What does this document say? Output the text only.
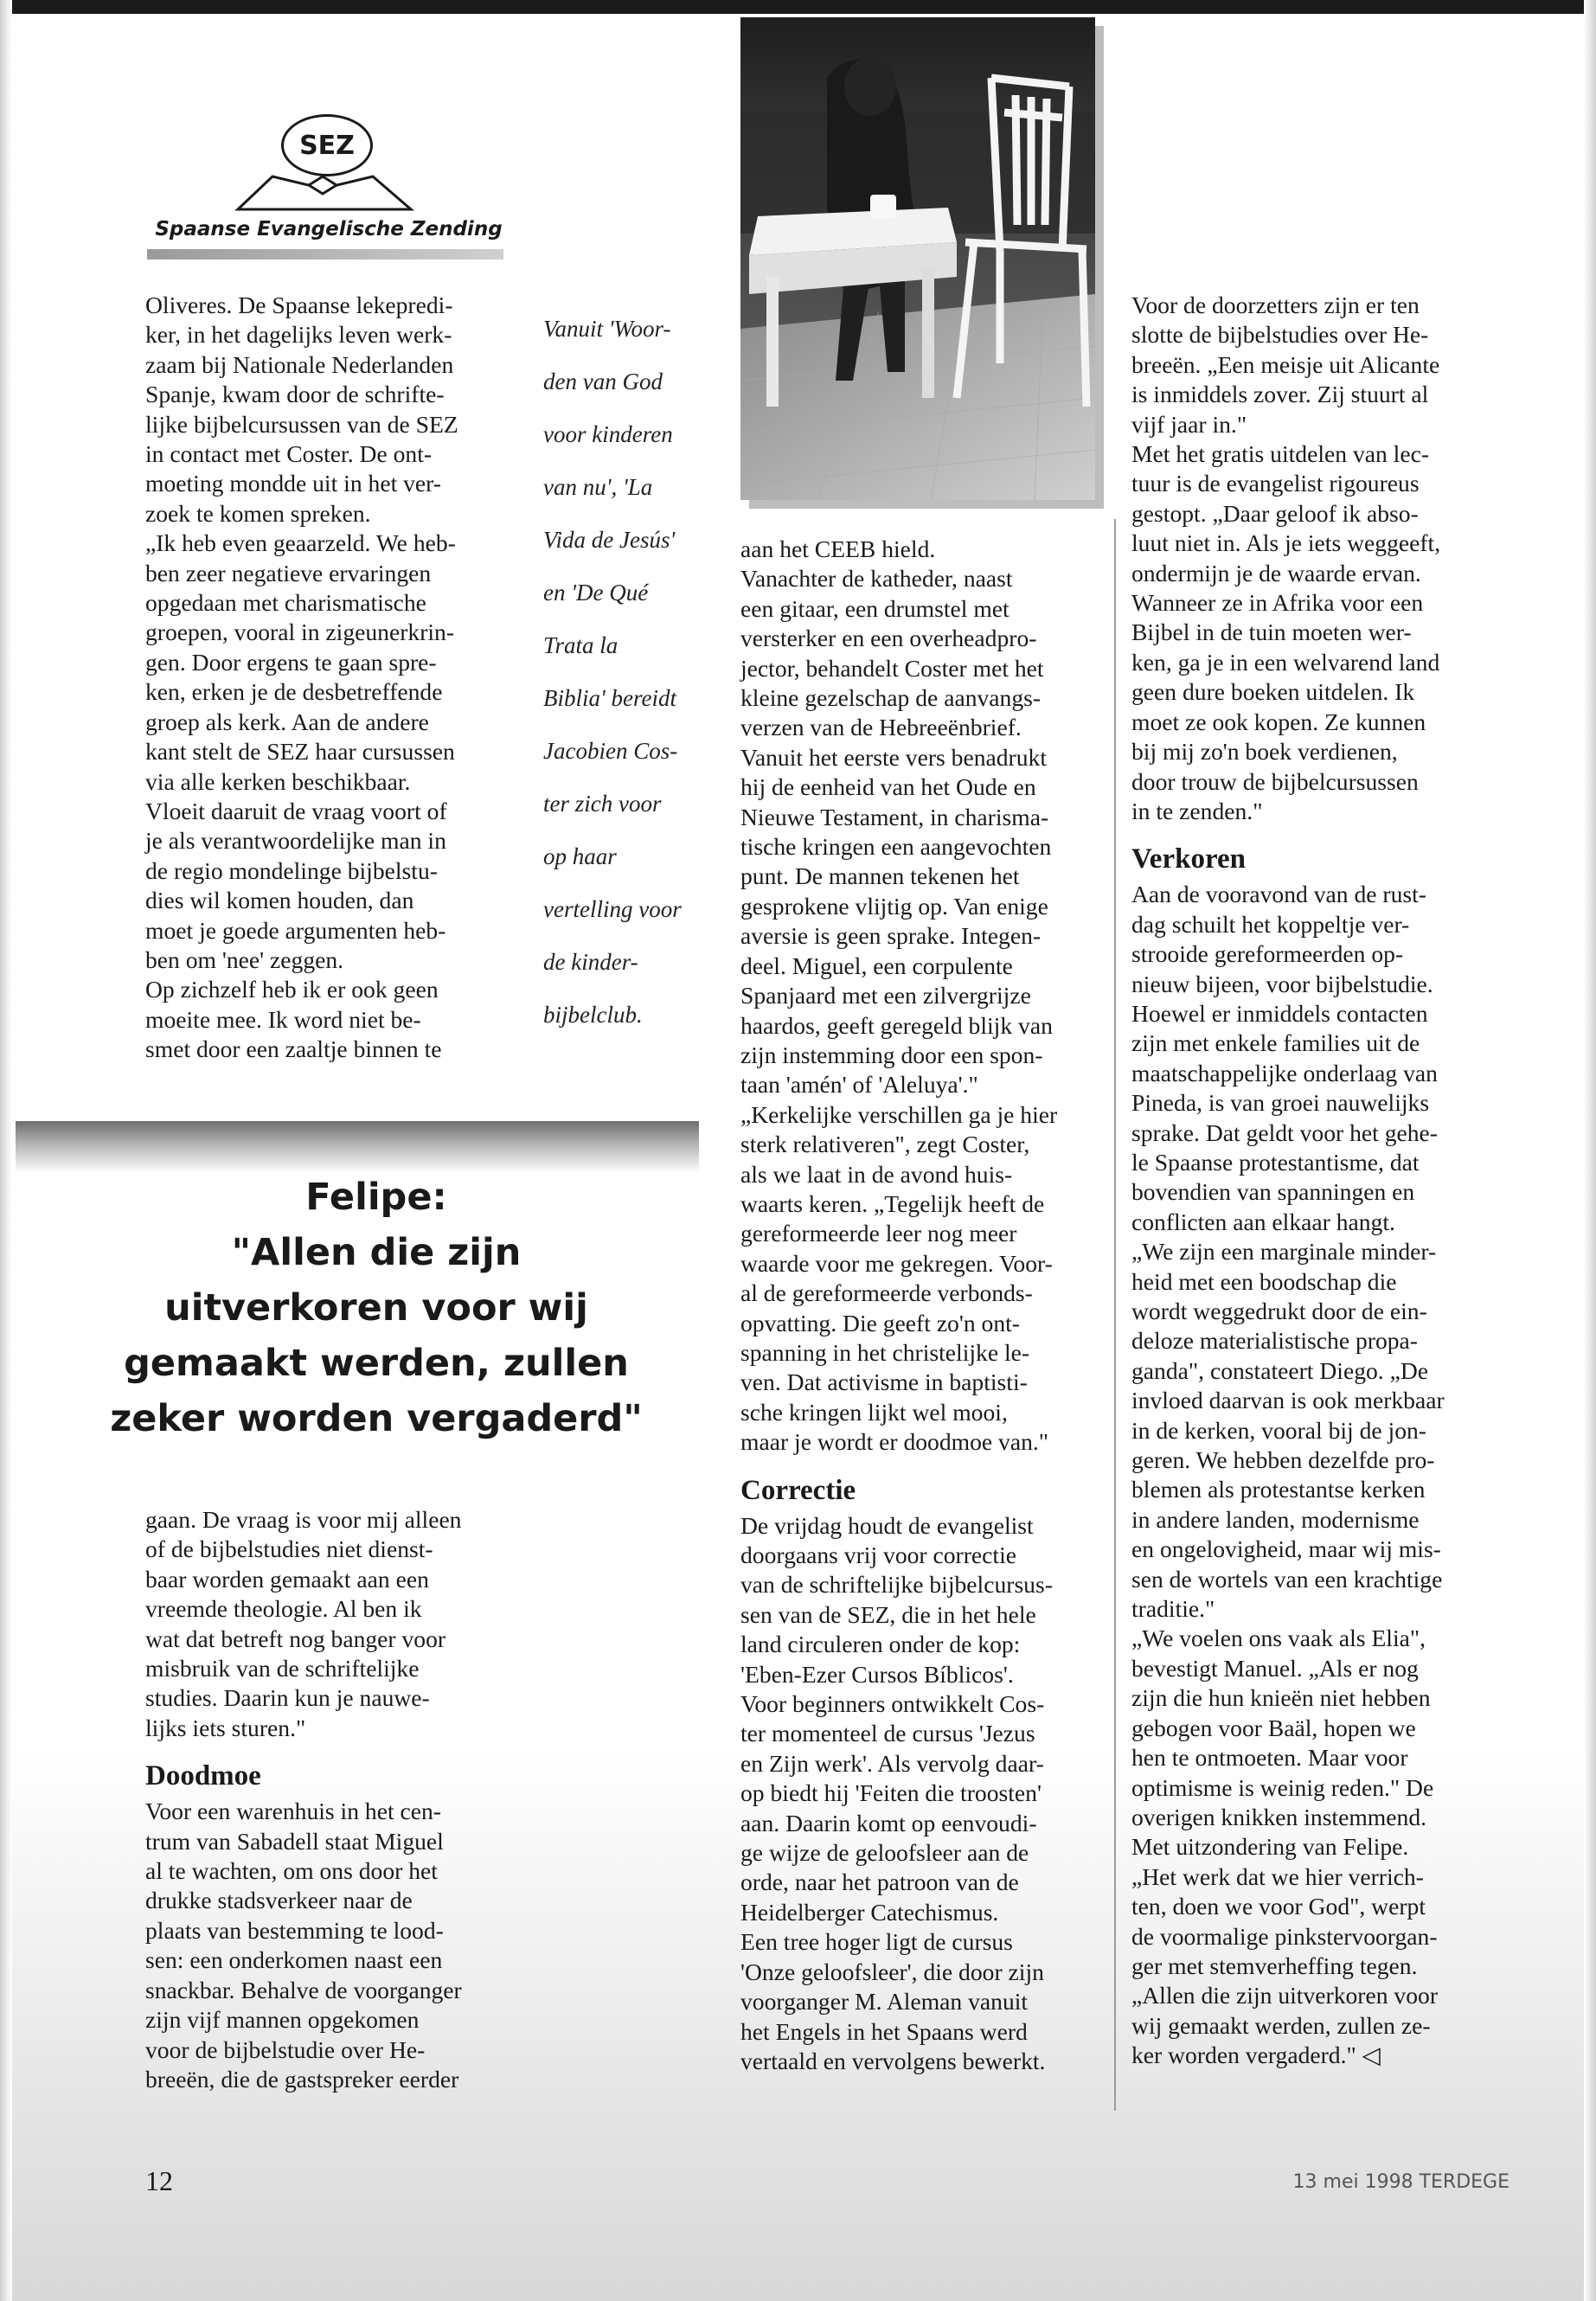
SEZ
Spaanse Evangelische Zending

Oliveres. De Spaanse lekepredi-

ker, in het dagelijks leven werk-

zaam bij Nationale Nederlanden

Spanje, kwam door de schrifte-

lijke bijbelcursussen van de SEZ

in contact met Coster. De ont-

moeting mondde uit in het ver-

zoek te komen spreken.

„Ik heb even geaarzeld. We heb-

ben zeer negatieve ervaringen

opgedaan met charismatische

groepen, vooral in zigeunerkrin-

gen. Door ergens te gaan spre-

ken, erken je de desbetreffende

groep als kerk. Aan de andere

kant stelt de SEZ haar cursussen

via alle kerken beschikbaar.

Vloeit daaruit de vraag voort of

je als verantwoordelijke man in

de regio mondelinge bijbelstu-

dies wil komen houden, dan

moet je goede argumenten heb-

ben om 'nee' zeggen.

Op zichzelf heb ik er ook geen

moeite mee. Ik word niet be-

smet door een zaaltje binnen te

Vanuit 'Woor-

den van God

voor kinderen

van nu', 'La

Vida de Jesús'

en 'De Qué

Trata la

Biblia' bereidt

Jacobien Cos-

ter zich voor

op haar

vertelling voor

de kinder-

bijbelclub.

Felipe:
"Allen die zijn
uitverkoren voor wij
gemaakt werden, zullen
zeker worden vergaderd"

gaan. De vraag is voor mij alleen

of de bijbelstudies niet dienst-

baar worden gemaakt aan een

vreemde theologie. Al ben ik

wat dat betreft nog banger voor

misbruik van de schriftelijke

studies. Daarin kun je nauwe-

lijks iets sturen."

Doodmoe

Voor een warenhuis in het cen-

trum van Sabadell staat Miguel

al te wachten, om ons door het

drukke stadsverkeer naar de

plaats van bestemming te lood-

sen: een onderkomen naast een

snackbar. Behalve de voorganger

zijn vijf mannen opgekomen

voor de bijbelstudie over He-

breeën, die de gastspreker eerder

aan het CEEB hield.

Vanachter de katheder, naast

een gitaar, een drumstel met

versterker en een overheadpro-

jector, behandelt Coster met het

kleine gezelschap de aanvangs-

verzen van de Hebreeënbrief.

Vanuit het eerste vers benadrukt

hij de eenheid van het Oude en

Nieuwe Testament, in charisma-

tische kringen een aangevochten

punt. De mannen tekenen het

gesprokene vlijtig op. Van enige

aversie is geen sprake. Integen-

deel. Miguel, een corpulente

Spanjaard met een zilvergrijze

haardos, geeft geregeld blijk van

zijn instemming door een spon-

taan 'amén' of 'Aleluya'."

„Kerkelijke verschillen ga je hier

sterk relativeren", zegt Coster,

als we laat in de avond huis-

waarts keren. „Tegelijk heeft de

gereformeerde leer nog meer

waarde voor me gekregen. Voor-

al de gereformeerde verbonds-

opvatting. Die geeft zo'n ont-

spanning in het christelijke le-

ven. Dat activisme in baptisti-

sche kringen lijkt wel mooi,

maar je wordt er doodmoe van."

Correctie

De vrijdag houdt de evangelist

doorgaans vrij voor correctie

van de schriftelijke bijbelcursus-

sen van de SEZ, die in het hele

land circuleren onder de kop:

'Eben-Ezer Cursos Bíblicos'.

Voor beginners ontwikkelt Cos-

ter momenteel de cursus 'Jezus

en Zijn werk'. Als vervolg daar-

op biedt hij 'Feiten die troosten'

aan. Daarin komt op eenvoudi-

ge wijze de geloofsleer aan de

orde, naar het patroon van de

Heidelberger Catechismus.

Een tree hoger ligt de cursus

'Onze geloofsleer', die door zijn

voorganger M. Aleman vanuit

het Engels in het Spaans werd

vertaald en vervolgens bewerkt.

Voor de doorzetters zijn er ten

slotte de bijbelstudies over He-

breeën. „Een meisje uit Alicante

is inmiddels zover. Zij stuurt al

vijf jaar in."

Met het gratis uitdelen van lec-

tuur is de evangelist rigoureus

gestopt. „Daar geloof ik abso-

luut niet in. Als je iets weggeeft,

ondermijn je de waarde ervan.

Wanneer ze in Afrika voor een

Bijbel in de tuin moeten wer-

ken, ga je in een welvarend land

geen dure boeken uitdelen. Ik

moet ze ook kopen. Ze kunnen

bij mij zo'n boek verdienen,

door trouw de bijbelcursussen

in te zenden."

Verkoren

Aan de vooravond van de rust-

dag schuilt het koppeltje ver-

strooide gereformeerden op-

nieuw bijeen, voor bijbelstudie.

Hoewel er inmiddels contacten

zijn met enkele families uit de

maatschappelijke onderlaag van

Pineda, is van groei nauwelijks

sprake. Dat geldt voor het gehe-

le Spaanse protestantisme, dat

bovendien van spanningen en

conflicten aan elkaar hangt.

„We zijn een marginale minder-

heid met een boodschap die

wordt weggedrukt door de ein-

deloze materialistische propa-

ganda", constateert Diego. „De

invloed daarvan is ook merkbaar

in de kerken, vooral bij de jon-

geren. We hebben dezelfde pro-

blemen als protestantse kerken

in andere landen, modernisme

en ongelovigheid, maar wij mis-

sen de wortels van een krachtige

traditie."

„We voelen ons vaak als Elia",

bevestigt Manuel. „Als er nog

zijn die hun knieën niet hebben

gebogen voor Baäl, hopen we

hen te ontmoeten. Maar voor

optimisme is weinig reden." De

overigen knikken instemmend.

Met uitzondering van Felipe.

„Het werk dat we hier verrich-

ten, doen we voor God", werpt

de voormalige pinkstervoorgan-

ger met stemverheffing tegen.

„Allen die zijn uitverkoren voor

wij gemaakt werden, zullen ze-

ker worden vergaderd." ◁

12	13 mei 1998 TERDEGE
